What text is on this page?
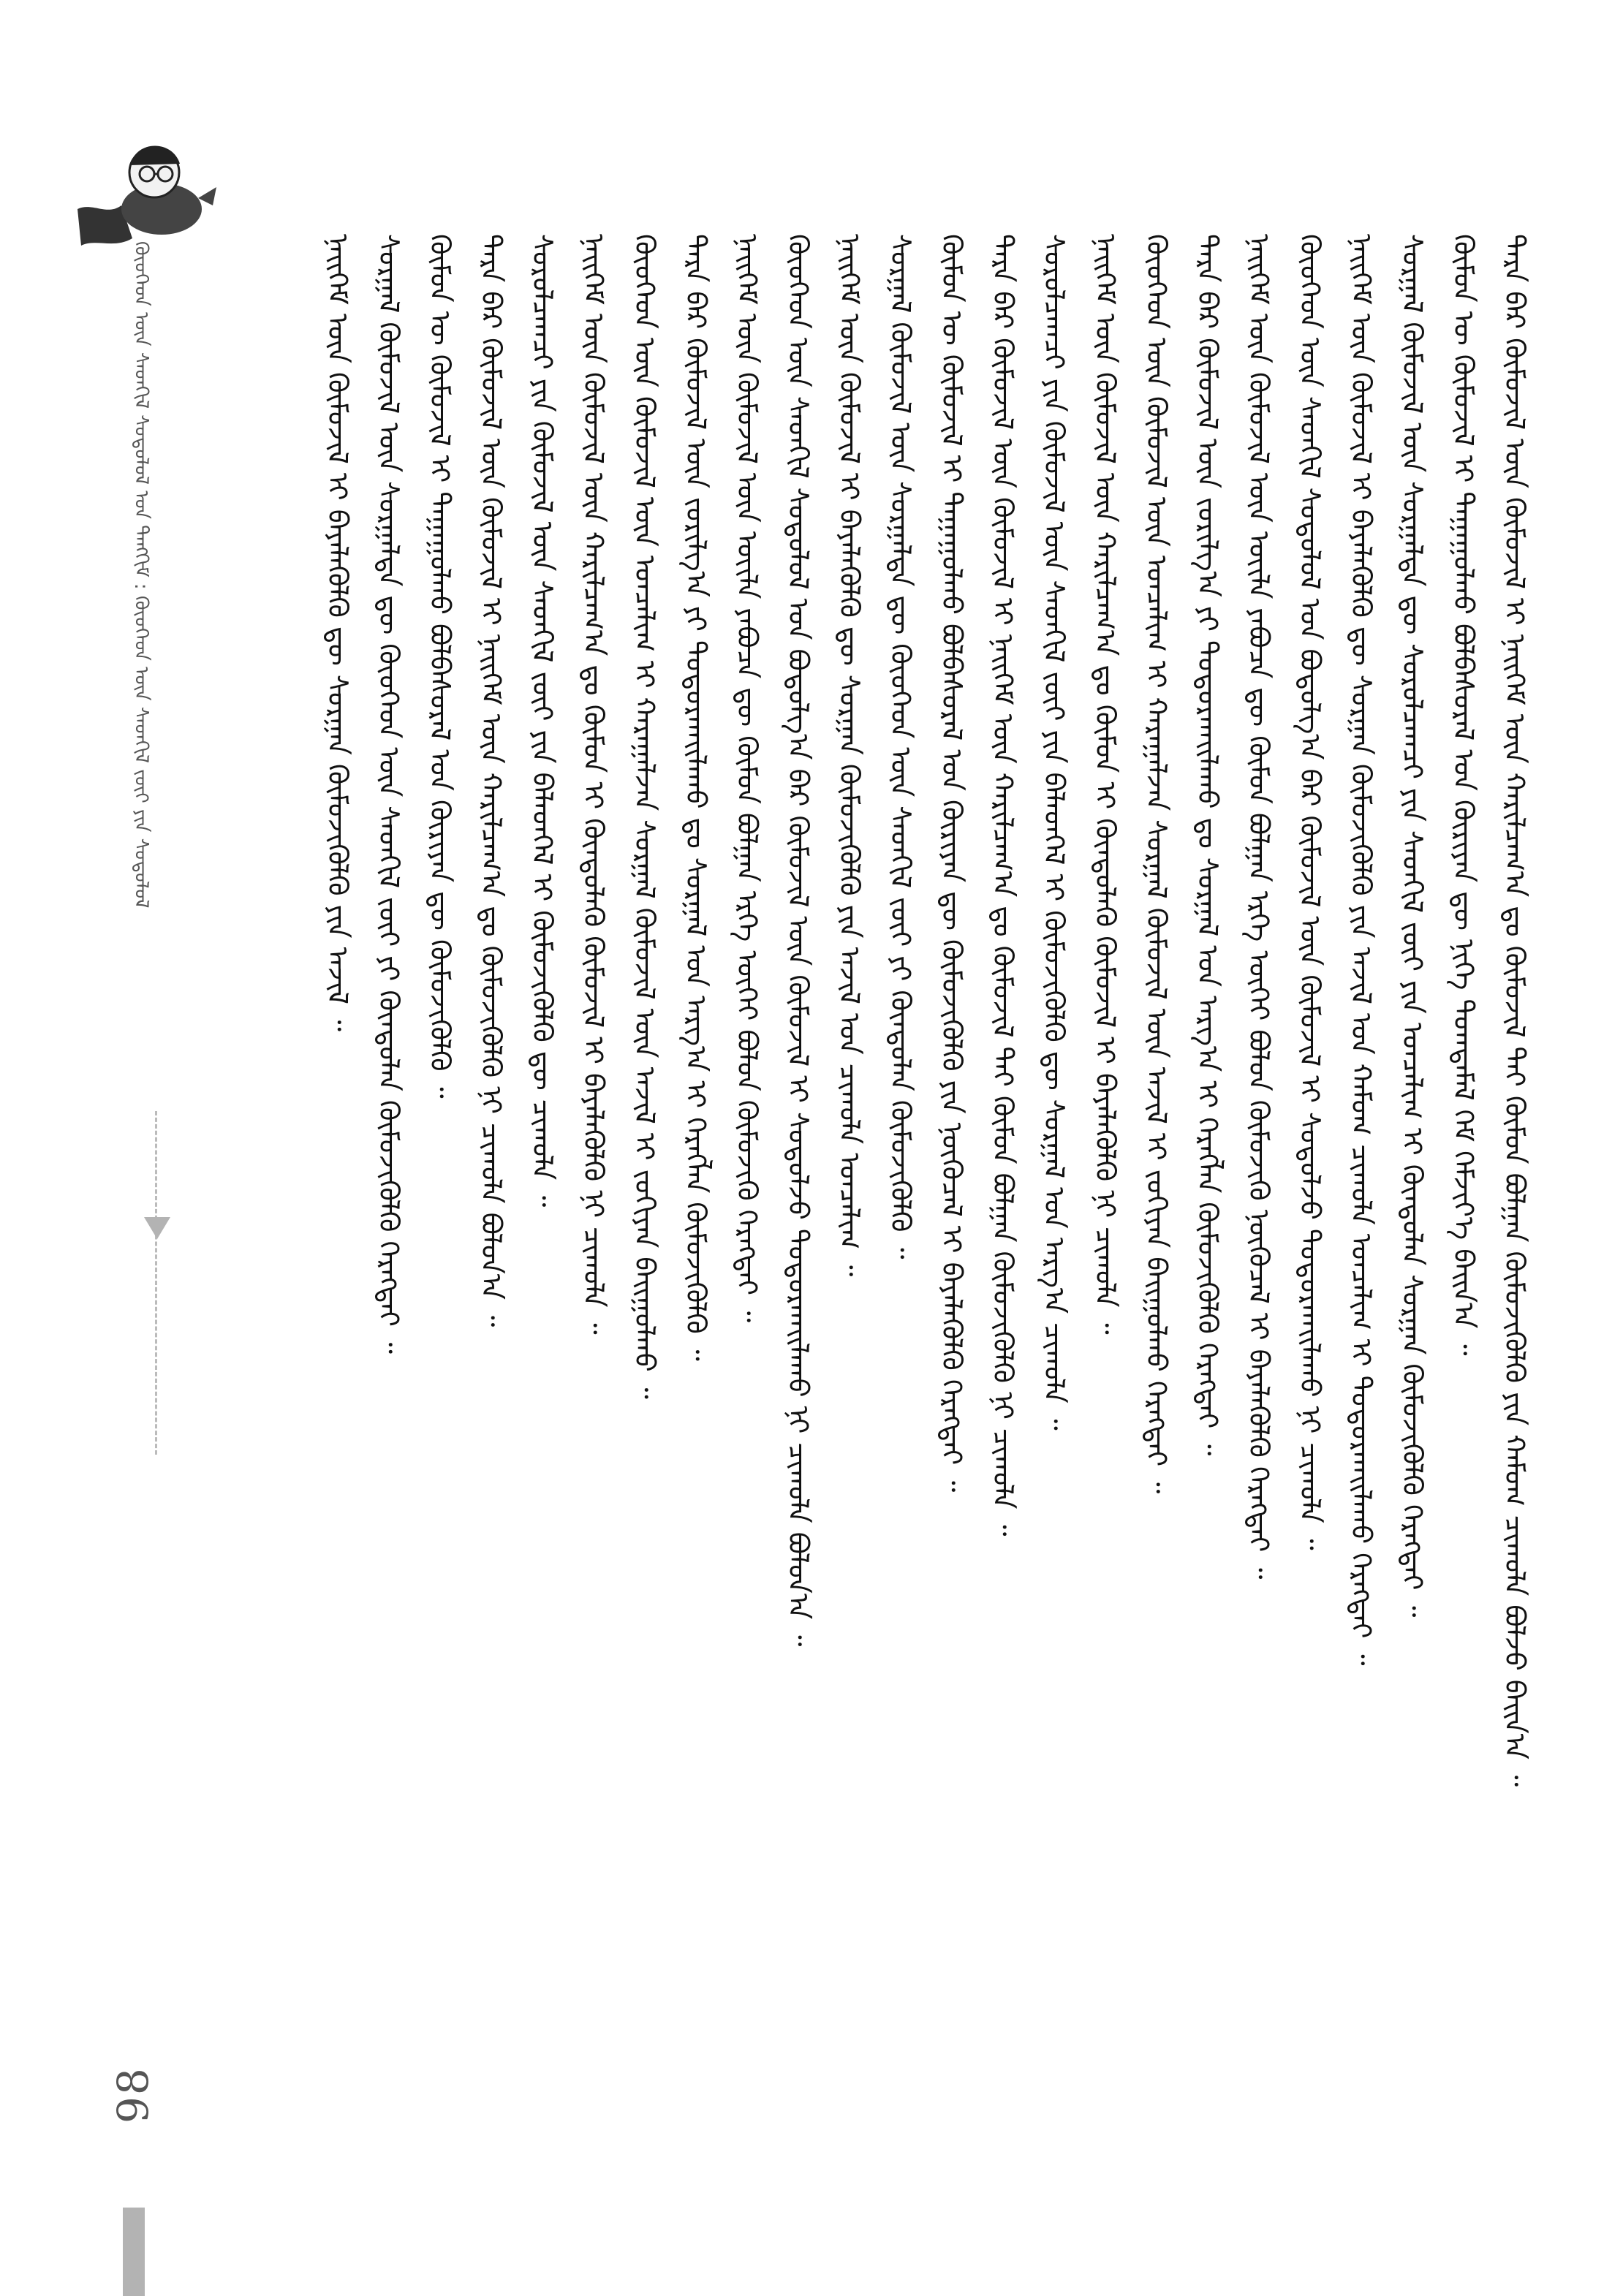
98
ᠬᠦᠦᠬᠡᠳ ᠦᠨ ᠰᠡᠳᠬᠢᠯ ᠰᠤᠳᠤᠯᠤᠯ ᠤᠨ ᠲᠠᠩᠬᠢᠮ : ᠬᠦᠦᠬᠡᠳ ᠦᠨ ᠰᠡᠳᠬᠢᠯ ᠵᠦᠢ ᠶᠢᠨ ᠰᠤᠳᠤᠯᠤᠯ	ᠲᠡᠷᠡ ᠪᠡᠷ ᠬᠦᠮᠦᠵᠢᠯ ᠦᠨ ᠬᠦᠮᠦᠵᠢᠯ ᠢ ᠨᠡᠢᠭᠡᠮ ᠦᠨ ᠬᠠᠷᠢᠯᠴᠠᠭ᠎ᠠ ᠳᠤ ᠬᠦᠮᠦᠵᠢᠯ ᠲᠡᠢ ᠬᠦᠮᠦᠨ ᠪᠣᠯᠭᠠᠨ ᠬᠦᠮᠦᠵᠢᠬᠦᠯᠬᠦ ᠶᠢᠨ ᠬᠠᠮᠤᠭ ᠴᠢᠬᠤᠯᠠ ᠪᠣᠯᠵᠤ ᠪᠠᠢᠨ᠎ᠠ ᠃
ᠬᠦᠮᠦᠨ ᠦ ᠬᠦᠮᠦᠵᠢᠯ ᠢ ᠳᠠᠭᠠᠭᠤᠯᠬᠤ ᠪᠣᠯᠪᠠᠰᠤᠷᠠᠯ ᠤᠨ ᠬᠦᠷᠢᠶᠡᠨ ᠳᠦ ᠨᠢᠭᠡ ᠲᠣᠭᠲᠠᠮᠠᠯ ᠬᠡᠮ ᠬᠡᠮᠵᠢᠶ᠎ᠡ ᠪᠠᠢᠨ᠎ᠠ ᠃
ᠰᠤᠷᠭᠠᠯ ᠬᠦᠮᠦᠵᠢᠯ ᠦᠨ ᠰᠤᠷᠭᠠᠯᠲᠠ ᠳᠦ ᠰᠤᠷᠤᠯᠴᠠᠭᠴᠢ ᠶᠢᠨ ᠰᠡᠳᠬᠢᠯ ᠵᠦᠢ ᠶᠢᠨ ᠣᠨᠴᠠᠯᠢᠭ ᠢ ᠬᠦᠨᠳᠦᠯᠡᠨ ᠰᠤᠷᠭᠠᠨ ᠬᠦᠮᠦᠵᠢᠬᠦᠯᠬᠦ ᠬᠡᠷᠡᠭᠲᠡᠢ ᠃
ᠨᠡᠢᠭᠡᠮ ᠦᠨ ᠬᠦᠮᠦᠵᠢᠯ ᠢ ᠪᠡᠶᠡᠯᠡᠭᠦᠯᠬᠦ ᠳᠦ ᠰᠤᠷᠭᠠᠨ ᠬᠦᠮᠦᠵᠢᠬᠦᠯᠬᠦ ᠶᠢᠨ ᠠᠵᠢᠯ ᠤᠨ ᠬᠠᠮᠤᠭ ᠴᠢᠬᠤᠯᠠ ᠣᠨᠴᠠᠯᠢᠭ ᠢ ᠲᠣᠳᠤᠷᠬᠠᠢᠯᠠᠬᠤ ᠬᠡᠷᠡᠭᠲᠡᠢ ᠃
ᠬᠦᠦᠬᠡᠳ ᠦᠨ ᠰᠡᠳᠬᠢᠯ ᠰᠤᠳᠤᠯᠤᠯ ᠤᠨ ᠪᠤᠳᠤᠯᠭ᠎ᠠ ᠪᠠᠷ ᠬᠦᠮᠦᠵᠢᠯ ᠦᠨ ᠬᠦᠮᠦᠵᠢᠯ ᠢ ᠰᠤᠳᠤᠯᠵᠤ ᠲᠣᠳᠤᠷᠬᠠᠢᠯᠠᠬᠤ ᠨᠢ ᠴᠢᠬᠤᠯᠠ ᠃
ᠨᠡᠢᠭᠡᠮ ᠦᠨ ᠬᠦᠮᠦᠵᠢᠯ ᠦᠨ ᠦᠢᠯᠡ ᠶᠠᠪᠤᠴᠠ ᠳᠦ ᠬᠦᠮᠦᠨ ᠪᠣᠯᠭᠠᠨ ᠡᠷᠬᠡ ᠦᠭᠡᠢ ᠪᠣᠯᠤᠨ ᠬᠦᠮᠦᠵᠢᠬᠦ ᠨᠦᠬᠦᠴᠡᠯ ᠢ ᠪᠡᠶᠡᠯᠡᠭᠦᠯᠬᠦ ᠬᠡᠷᠡᠭᠲᠡᠢ ᠃
ᠲᠡᠷᠡ ᠪᠡᠷ ᠬᠦᠮᠦᠵᠢᠯ ᠦᠨ ᠵᠣᠷᠢᠯᠭ᠎ᠠ ᠶᠢ ᠲᠣᠳᠤᠷᠬᠠᠢᠯᠠᠬᠤ ᠳᠤ ᠰᠤᠷᠭᠠᠯ ᠤᠨ ᠠᠷᠭ᠎ᠠ ᠢ ᠬᠡᠷᠡᠭᠯᠡᠨ ᠬᠦᠮᠦᠵᠢᠬᠦᠯᠬᠦ ᠬᠡᠷᠡᠭᠲᠡᠢ ᠃
ᠬᠦᠦᠬᠡᠳ ᠦᠨ ᠬᠦᠮᠦᠵᠢᠯ ᠦᠨ ᠣᠨᠴᠠᠯᠢᠭ ᠢ ᠬᠠᠷᠠᠭᠠᠯᠵᠠᠨ ᠰᠤᠷᠭᠠᠯ ᠬᠦᠮᠦᠵᠢᠯ ᠦᠨ ᠠᠵᠢᠯ ᠢ ᠵᠣᠬᠢᠶᠠᠨ ᠪᠠᠢᠭᠤᠯᠬᠤ ᠬᠡᠷᠡᠭᠲᠡᠢ ᠃
ᠨᠡᠢᠭᠡᠮ ᠦᠨ ᠬᠦᠮᠦᠵᠢᠯ ᠦᠨ ᠬᠠᠷᠢᠯᠴᠠᠭ᠎ᠠ ᠳᠤ ᠬᠦᠮᠦᠨ ᠢ ᠬᠦᠨᠳᠦᠯᠡᠬᠦ ᠬᠦᠮᠦᠵᠢᠯ ᠢ ᠪᠡᠶᠡᠯᠡᠭᠦᠯᠬᠦ ᠨᠢ ᠴᠢᠬᠤᠯᠠ ᠃
ᠰᠤᠷᠤᠯᠴᠠᠭᠴᠢ ᠶᠢᠨ ᠬᠦᠮᠦᠵᠢᠯ ᠦᠨ ᠰᠡᠳᠬᠢᠯ ᠵᠦᠢ ᠶᠢᠨ ᠪᠡᠯᠡᠳᠬᠡᠯ ᠢ ᠬᠦᠮᠦᠵᠢᠬᠦᠯᠬᠦ ᠳᠦ ᠰᠤᠷᠭᠠᠯ ᠤᠨ ᠠᠷᠭ᠎ᠠ ᠴᠢᠬᠤᠯᠠ ᠃
ᠲᠡᠷᠡ ᠪᠡᠷ ᠬᠦᠮᠦᠵᠢᠯ ᠦᠨ ᠬᠦᠮᠦᠵᠢᠯ ᠢ ᠨᠡᠢᠭᠡᠮ ᠦᠨ ᠬᠠᠷᠢᠯᠴᠠᠭ᠎ᠠ ᠳᠤ ᠬᠦᠮᠦᠵᠢᠯ ᠲᠡᠢ ᠬᠦᠮᠦᠨ ᠪᠣᠯᠭᠠᠨ ᠬᠦᠮᠦᠵᠢᠬᠦᠯᠬᠦ ᠨᠢ ᠴᠢᠬᠤᠯᠠ ᠃
ᠬᠦᠮᠦᠨ ᠦ ᠬᠦᠮᠦᠵᠢᠯ ᠢ ᠳᠠᠭᠠᠭᠤᠯᠬᠤ ᠪᠣᠯᠪᠠᠰᠤᠷᠠᠯ ᠤᠨ ᠬᠦᠷᠢᠶᠡᠨ ᠳᠦ ᠬᠦᠮᠦᠵᠢᠬᠦᠯᠬᠦ ᠶᠢᠨ ᠨᠦᠬᠦᠴᠡᠯ ᠢ ᠪᠡᠶᠡᠯᠡᠭᠦᠯᠬᠦ ᠬᠡᠷᠡᠭᠲᠡᠢ ᠃
ᠰᠤᠷᠭᠠᠯ ᠬᠦᠮᠦᠵᠢᠯ ᠦᠨ ᠰᠤᠷᠭᠠᠯᠲᠠ ᠳᠦ ᠬᠦᠦᠬᠡᠳ ᠦᠨ ᠰᠡᠳᠬᠢᠯ ᠵᠦᠢ ᠶᠢ ᠬᠦᠨᠳᠦᠯᠡᠨ ᠬᠦᠮᠦᠵᠢᠬᠦᠯᠬᠦ ᠃
ᠨᠡᠢᠭᠡᠮ ᠦᠨ ᠬᠦᠮᠦᠵᠢᠯ ᠢ ᠪᠡᠶᠡᠯᠡᠭᠦᠯᠬᠦ ᠳᠦ ᠰᠤᠷᠭᠠᠨ ᠬᠦᠮᠦᠵᠢᠬᠦᠯᠬᠦ ᠶᠢᠨ ᠠᠵᠢᠯ ᠤᠨ ᠴᠢᠬᠤᠯᠠ ᠣᠨᠴᠠᠯᠢᠭ ᠃
ᠬᠦᠦᠬᠡᠳ ᠦᠨ ᠰᠡᠳᠬᠢᠯ ᠰᠤᠳᠤᠯᠤᠯ ᠤᠨ ᠪᠤᠳᠤᠯᠭ᠎ᠠ ᠪᠠᠷ ᠬᠦᠮᠦᠵᠢᠯ ᠦᠨ ᠬᠦᠮᠦᠵᠢᠯ ᠢ ᠰᠤᠳᠤᠯᠵᠤ ᠲᠣᠳᠤᠷᠬᠠᠢᠯᠠᠬᠤ ᠨᠢ ᠴᠢᠬᠤᠯᠠ ᠪᠣᠯᠤᠨ᠎ᠠ ᠃
ᠨᠡᠢᠭᠡᠮ ᠦᠨ ᠬᠦᠮᠦᠵᠢᠯ ᠦᠨ ᠦᠢᠯᠡ ᠶᠠᠪᠤᠴᠠ ᠳᠦ ᠬᠦᠮᠦᠨ ᠪᠣᠯᠭᠠᠨ ᠡᠷᠬᠡ ᠦᠭᠡᠢ ᠪᠣᠯᠤᠨ ᠬᠦᠮᠦᠵᠢᠬᠦ ᠬᠡᠷᠡᠭᠲᠡᠢ ᠃
ᠲᠡᠷᠡ ᠪᠡᠷ ᠬᠦᠮᠦᠵᠢᠯ ᠦᠨ ᠵᠣᠷᠢᠯᠭ᠎ᠠ ᠶᠢ ᠲᠣᠳᠤᠷᠬᠠᠢᠯᠠᠬᠤ ᠳᠤ ᠰᠤᠷᠭᠠᠯ ᠤᠨ ᠠᠷᠭ᠎ᠠ ᠢ ᠬᠡᠷᠡᠭᠯᠡᠨ ᠬᠦᠮᠦᠵᠢᠬᠦᠯᠬᠦ ᠃
ᠬᠦᠦᠬᠡᠳ ᠦᠨ ᠬᠦᠮᠦᠵᠢᠯ ᠦᠨ ᠣᠨᠴᠠᠯᠢᠭ ᠢ ᠬᠠᠷᠠᠭᠠᠯᠵᠠᠨ ᠰᠤᠷᠭᠠᠯ ᠬᠦᠮᠦᠵᠢᠯ ᠦᠨ ᠠᠵᠢᠯ ᠢ ᠵᠣᠬᠢᠶᠠᠨ ᠪᠠᠢᠭᠤᠯᠬᠤ ᠃
ᠨᠡᠢᠭᠡᠮ ᠦᠨ ᠬᠦᠮᠦᠵᠢᠯ ᠦᠨ ᠬᠠᠷᠢᠯᠴᠠᠭ᠎ᠠ ᠳᠤ ᠬᠦᠮᠦᠨ ᠢ ᠬᠦᠨᠳᠦᠯᠡᠬᠦ ᠬᠦᠮᠦᠵᠢᠯ ᠢ ᠪᠡᠶᠡᠯᠡᠭᠦᠯᠬᠦ ᠨᠢ ᠴᠢᠬᠤᠯᠠ ᠃
ᠰᠤᠷᠤᠯᠴᠠᠭᠴᠢ ᠶᠢᠨ ᠬᠦᠮᠦᠵᠢᠯ ᠦᠨ ᠰᠡᠳᠬᠢᠯ ᠵᠦᠢ ᠶᠢᠨ ᠪᠡᠯᠡᠳᠬᠡᠯ ᠢ ᠬᠦᠮᠦᠵᠢᠬᠦᠯᠬᠦ ᠳᠦ ᠴᠢᠬᠤᠯᠠ ᠃
ᠲᠡᠷᠡ ᠪᠡᠷ ᠬᠦᠮᠦᠵᠢᠯ ᠦᠨ ᠬᠦᠮᠦᠵᠢᠯ ᠢ ᠨᠡᠢᠭᠡᠮ ᠦᠨ ᠬᠠᠷᠢᠯᠴᠠᠭ᠎ᠠ ᠳᠤ ᠬᠦᠮᠦᠵᠢᠬᠦᠯᠬᠦ ᠨᠢ ᠴᠢᠬᠤᠯᠠ ᠪᠣᠯᠤᠨ᠎ᠠ ᠃
ᠬᠦᠮᠦᠨ ᠦ ᠬᠦᠮᠦᠵᠢᠯ ᠢ ᠳᠠᠭᠠᠭᠤᠯᠬᠤ ᠪᠣᠯᠪᠠᠰᠤᠷᠠᠯ ᠤᠨ ᠬᠦᠷᠢᠶᠡᠨ ᠳᠦ ᠬᠦᠮᠦᠵᠢᠬᠦᠯᠬᠦ ᠃
ᠰᠤᠷᠭᠠᠯ ᠬᠦᠮᠦᠵᠢᠯ ᠦᠨ ᠰᠤᠷᠭᠠᠯᠲᠠ ᠳᠦ ᠬᠦᠦᠬᠡᠳ ᠦᠨ ᠰᠡᠳᠬᠢᠯ ᠵᠦᠢ ᠶᠢ ᠬᠦᠨᠳᠦᠯᠡᠨ ᠬᠦᠮᠦᠵᠢᠬᠦᠯᠬᠦ ᠬᠡᠷᠡᠭᠲᠡᠢ ᠃
ᠨᠡᠢᠭᠡᠮ ᠦᠨ ᠬᠦᠮᠦᠵᠢᠯ ᠢ ᠪᠡᠶᠡᠯᠡᠭᠦᠯᠬᠦ ᠳᠦ ᠰᠤᠷᠭᠠᠨ ᠬᠦᠮᠦᠵᠢᠬᠦᠯᠬᠦ ᠶᠢᠨ ᠠᠵᠢᠯ ᠃
